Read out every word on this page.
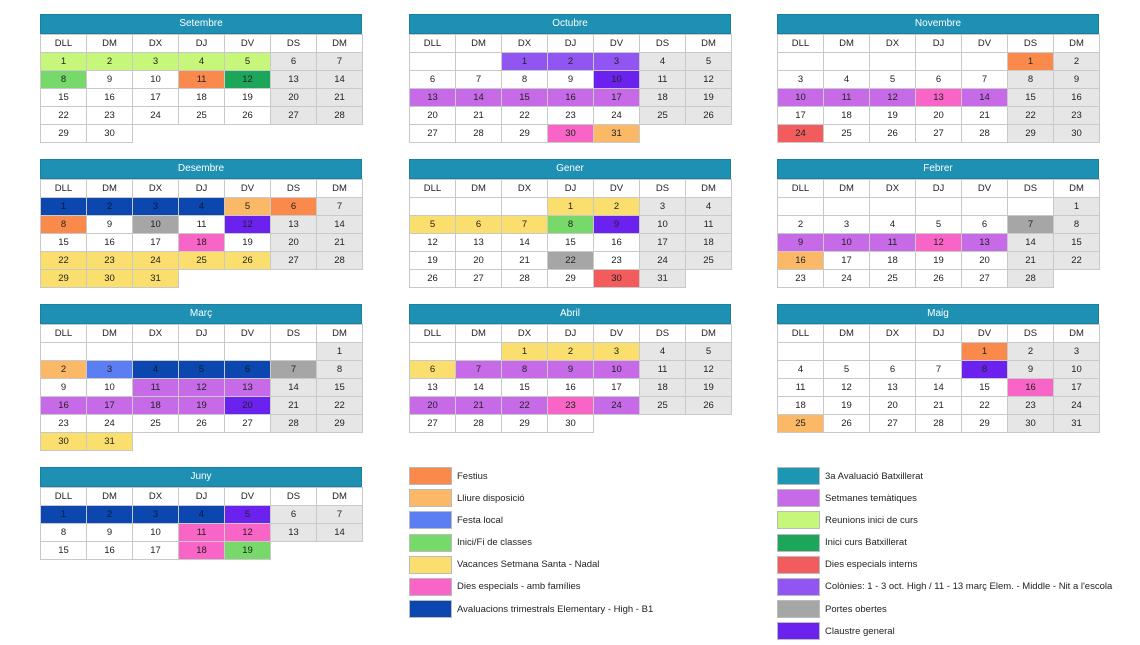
Setembre
DLL	DM	DX	DJ	DV	DS	DM
1	2	3	4	5	6	7
8	9	10	11	12	13	14
15	16	17	18	19	20	21
22	23	24	25	26	27	28
29	30					
Octubre
DLL	DM	DX	DJ	DV	DS	DM
		1	2	3	4	5
6	7	8	9	10	11	12
13	14	15	16	17	18	19
20	21	22	23	24	25	26
27	28	29	30	31		
Novembre
DLL	DM	DX	DJ	DV	DS	DM
					1	2
3	4	5	6	7	8	9
10	11	12	13	14	15	16
17	18	19	20	21	22	23
24	25	26	27	28	29	30
Desembre
DLL	DM	DX	DJ	DV	DS	DM
1	2	3	4	5	6	7
8	9	10	11	12	13	14
15	16	17	18	19	20	21
22	23	24	25	26	27	28
29	30	31				
Gener
DLL	DM	DX	DJ	DV	DS	DM
			1	2	3	4
5	6	7	8	9	10	11
12	13	14	15	16	17	18
19	20	21	22	23	24	25
26	27	28	29	30	31	
Febrer
DLL	DM	DX	DJ	DV	DS	DM
						1
2	3	4	5	6	7	8
9	10	11	12	13	14	15
16	17	18	19	20	21	22
23	24	25	26	27	28	
Març
DLL	DM	DX	DJ	DV	DS	DM
						1
2	3	4	5	6	7	8
9	10	11	12	13	14	15
16	17	18	19	20	21	22
23	24	25	26	27	28	29
30	31					
Abril
DLL	DM	DX	DJ	DV	DS	DM
		1	2	3	4	5
6	7	8	9	10	11	12
13	14	15	16	17	18	19
20	21	22	23	24	25	26
27	28	29	30			
Maig
DLL	DM	DX	DJ	DV	DS	DM
				1	2	3
4	5	6	7	8	9	10
11	12	13	14	15	16	17
18	19	20	21	22	23	24
25	26	27	28	29	30	31
Juny
DLL	DM	DX	DJ	DV	DS	DM
1	2	3	4	5	6	7
8	9	10	11	12	13	14
15	16	17	18	19		
Festius
Lliure disposició
Festa local
Inici/Fi de classes
Vacances Setmana Santa - Nadal
Dies especials - amb famílies
Avaluacions trimestrals Elementary - High - B1
3a Avaluació Batxillerat
Setmanes temàtiques
Reunions inici de curs
Inici curs Batxillerat
Dies especials interns
Colònies: 1 - 3 oct. High / 11 - 13 març Elem. - Middle - Nit a l'escola
Portes obertes
Claustre general
